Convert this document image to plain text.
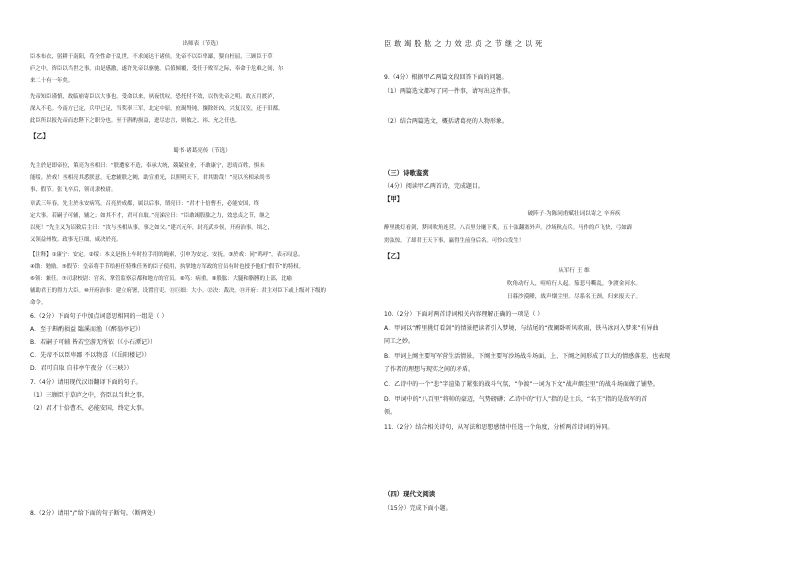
出师表（节选）
臣本布衣，躬耕于南阳，苟全性命于乱世，不求闻达于诸侯。先帝不以臣卑鄙，猥自枉屈，三顾臣于草
庐之中，咨臣以当世之事，由是感激，遂许先帝以驱驰。后值倾覆，受任于败军之际，奉命于危难之间，尔
来二十有一年矣。
先帝知臣谨慎，故临崩寄臣以大事也。受命以来，夙夜忧叹，恐托付不效，以伤先帝之明，故五月渡泸，
深入不毛。今南方已定，兵甲已足，当奖率三军，北定中原，庶竭驽钝，攘除奸凶，兴复汉室，还于旧都。
此臣所以报先帝而忠陛下之职分也。至于斟酌损益，进尽忠言，则攸之、祎、允之任也。
【乙】
蜀书·诸葛亮传（节选）
先主於是即帝位，策亮为丞相曰：“朕遭家不造，奉承大统，兢兢业业，不敢康宁，思靖百姓，惧未
能绥。於戏！丞相亮其悉朕意，无怠辅朕之阙，助宣重光，以照明天下，君其勖哉！”亮以丞相录尚书
事，假节。张飞卒后，领司隶校尉。
章武三年春，先主於永安病笃，召亮於成都，属以后事，谓亮曰：“君才十倍曹丕，必能安国，终
定大事。若嗣子可辅，辅之；如其不才，君可自取。”亮涕泣曰：“臣敢竭股肱之力，效忠贞之节，继之
以死！”先主又为诏敕后主曰：“汝与丞相从事，事之如父。”建兴元年，封亮武乡侯，开府治事。顷之，
又领益州牧。政事无巨细，咸决於亮。
【注释】①康宁：安定。②绥：本义是指上车时拉手用的绳索，引申为安定、安抚。③於戏：同“呜呼”，表示叹息。
④勖：勉励。⑤假节：皇帝将手节给担任特殊任务的臣子使用，执掌地方军政的官员有时也授予他们“假节”的特权。
⑥领：兼任。⑦司隶校尉：官名，掌管监察京都和地方的官员。⑧笃：病重。⑨股肱：大腿和胳膊的上部，比喻
辅助君王的得力大臣。⑩开府治事：建立府署，设置官吏。⑪巨细：大小。⑫决：裁决。⑬开府：君主对臣下或上级对下级的
命令。
6.（2分）下面句子中加点词意思相同的一组是（ ）
A．至于斟酌损益 臨溪而渔（《醉翁亭记》）
B．若嗣子可辅 皆若空游无所依（《小石潭记》）
C．先帝不以臣卑鄙 不以物喜（《岳阳楼记》）
D．君可自取 自非亭午夜分（《三峡》）
7.（4分）请用现代汉语翻译下面的句子。
（1）三顾臣于草庐之中，咨臣以当世之事。
（2）君才十倍曹丕，必能安国，终定大事。
8.（2分）请用“/”给下面的句子断句。（断两处）
臣 敢 竭 股 肱 之 力 效 忠 贞 之 节 继 之 以 死
9.（4分）根据甲乙两篇文段回答下面的问题。
（1）两篇选文都写了同一件事，请写出这件事。
（2）结合两篇选文，概括诸葛亮的人物形象。
（三）诗歌鉴赏
（4分）阅读甲乙两首诗，完成题目。
【甲】
破阵子·为陈同甫赋壮词以寄之 辛弃疾
醉里挑灯看剑，梦回吹角连营。八百里分麾下炙，五十弦翻塞外声。沙场秋点兵。马作的卢飞快，弓如霹
雳弦惊。了却君王天下事，赢得生前身后名。可怜白发生！
【乙】
从军行 王 维
吹角动行人，喧喧行人起。笳悲马嘶乱，争渡金河水。
日暮沙漠陲，战声烟尘里。尽系名王颈，归来报天子。
10.（2分）下面对两首诗词相关内容理解正确的一项是（ ）
A．甲词以“醉里挑灯看剑”的情景把读者引入梦境，与结尾的“夜阑卧听风吹雨，铁马冰河入梦来”有异曲
同工之妙。
B．甲词上阕主要写军营生活情景，下阕主要写沙场战斗场面，上、下阕之间形成了巨大的情感落差，也表现
了作者的理想与现实之间的矛盾。
C．乙诗中的一个“悲”字渲染了紧张的战斗气氛，“争渡”一词为下文“战声烟尘里”的战斗场面做了铺垫。
D．甲词中的“八百里”将帅的豪迈，气势磅礴；乙诗中的“行人”指的是士兵，“名王”指的是敌军的首
领。
11.（2分）结合相关诗句，从写法和思想感情中任选一个角度，分析两首诗词的异同。
（四）现代文阅读
（15分）完成下面小题。
